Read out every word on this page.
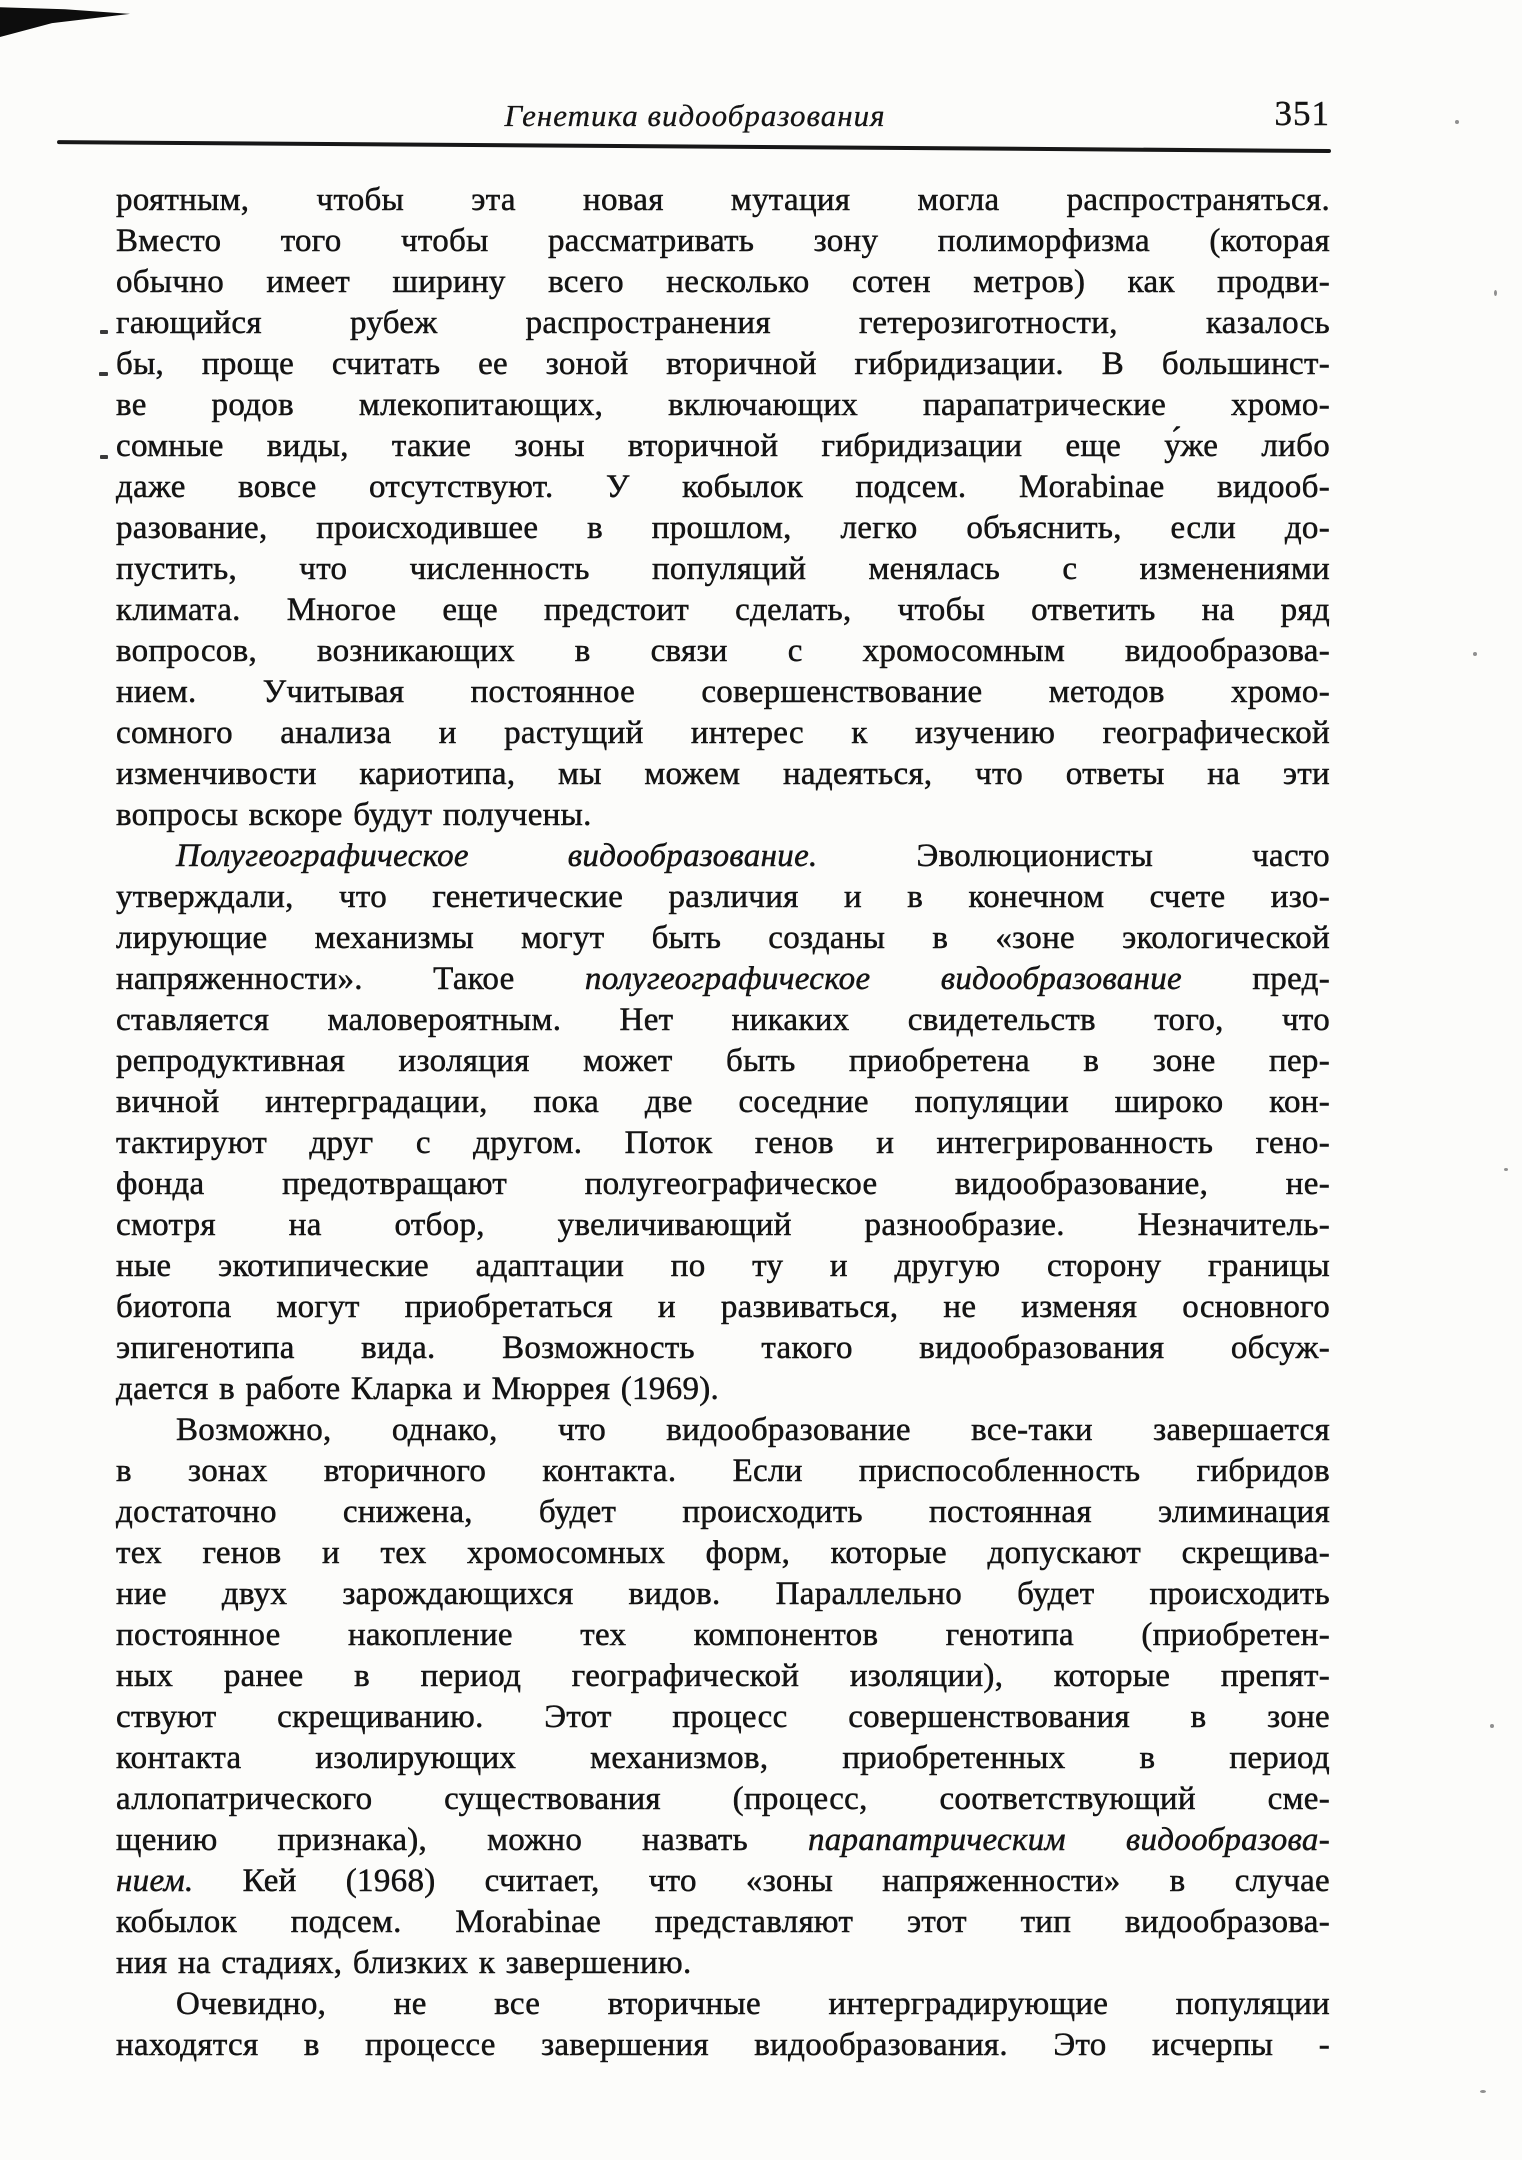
Генетика видообразования	351
роятным, чтобы эта новая мутация могла распространяться.
Вместо того чтобы рассматривать зону полиморфизма (которая
обычно имеет ширину всего несколько сотен метров) как продви-
гающийся рубеж распространения гетерозиготности, казалось
бы, проще считать ее зоной вторичной гибридизации. В большинст-
ве родов млекопитающих, включающих парапатрические хромо-
сомные виды, такие зоны вторичной гибридизации еще у́же либо
даже вовсе отсутствуют. У кобылок подсем. Morabinae видооб-
разование, происходившее в прошлом, легко объяснить, если до-
пустить, что численность популяций менялась с изменениями
климата. Многое еще предстоит сделать, чтобы ответить на ряд
вопросов, возникающих в связи с хромосомным видообразова-
нием. Учитывая постоянное совершенствование методов хромо-
сомного анализа и растущий интерес к изучению географической
изменчивости кариотипа, мы можем надеяться, что ответы на эти
вопросы вскоре будут получены.
Полугеографическое видообразование. Эволюционисты часто
утверждали, что генетические различия и в конечном счете изо-
лирующие механизмы могут быть созданы в «зоне экологической
напряженности». Такое полугеографическое видообразование пред-
ставляется маловероятным. Нет никаких свидетельств того, что
репродуктивная изоляция может быть приобретена в зоне пер-
вичной интерградации, пока две соседние популяции широко кон-
тактируют друг с другом. Поток генов и интегрированность гено-
фонда предотвращают полугеографическое видообразование, не-
смотря на отбор, увеличивающий разнообразие. Незначитель-
ные экотипические адаптации по ту и другую сторону границы
биотопа могут приобретаться и развиваться, не изменяя основного
эпигенотипа вида. Возможность такого видообразования обсуж-
дается в работе Кларка и Мюррея (1969).
Возможно, однако, что видообразование все-таки завершается
в зонах вторичного контакта. Если приспособленность гибридов
достаточно снижена, будет происходить постоянная элиминация
тех генов и тех хромосомных форм, которые допускают скрещива-
ние двух зарождающихся видов. Параллельно будет происходить
постоянное накопление тех компонентов генотипа (приобретен-
ных ранее в период географической изоляции), которые препят-
ствуют скрещиванию. Этот процесс совершенствования в зоне
контакта изолирующих механизмов, приобретенных в период
аллопатрического существования (процесс, соответствующий сме-
щению признака), можно назвать парапатрическим видообразова-
нием. Кей (1968) считает, что «зоны напряженности» в случае
кобылок подсем. Morabinae представляют этот тип видообразова-
ния на стадиях, близких к завершению.
Очевидно, не все вторичные интерградирующие популяции
находятся в процессе завершения видообразования. Это исчерпы -
